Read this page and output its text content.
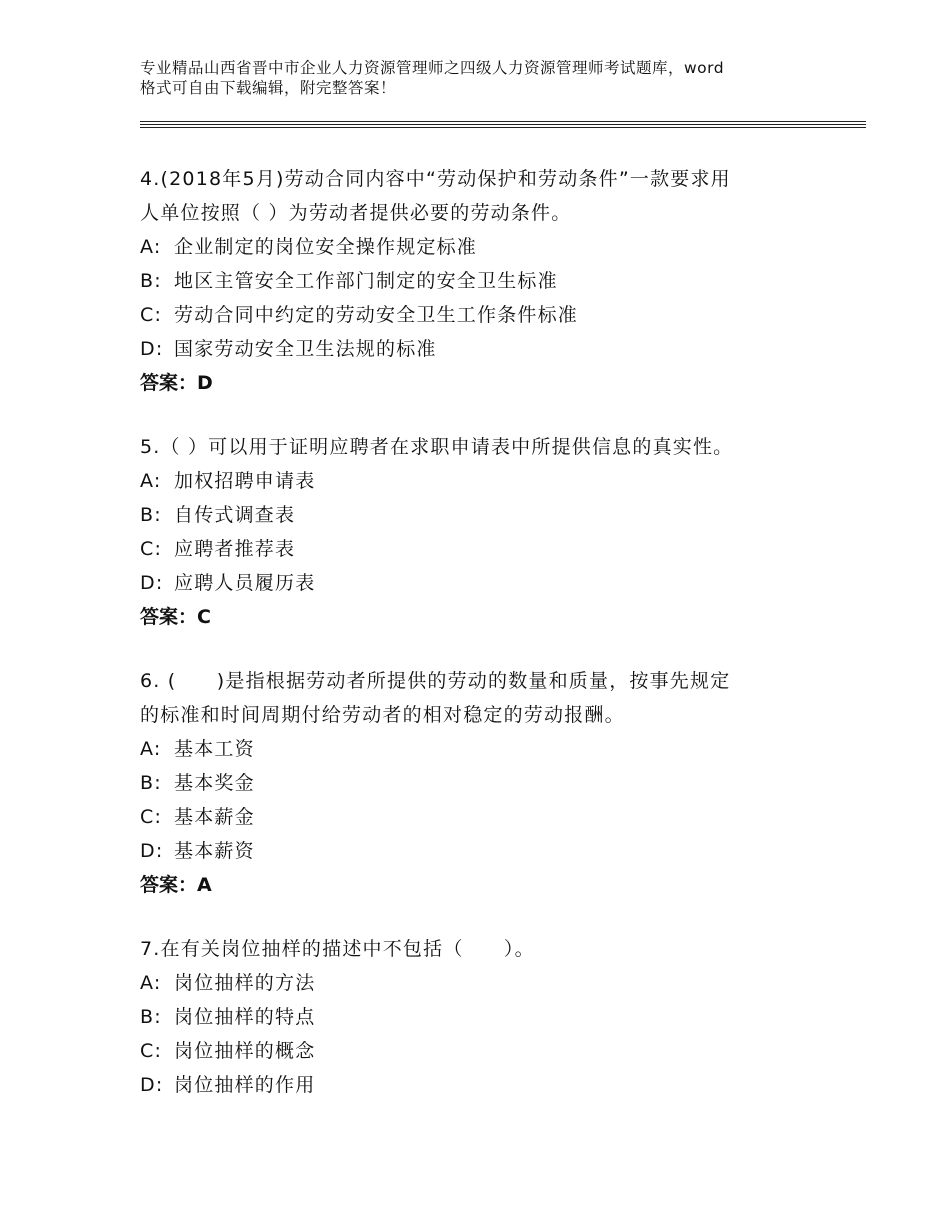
专业精品山西省晋中市企业人力资源管理师之四级人力资源管理师考试题库，word
格式可自由下载编辑，附完整答案！

4.(2018年5月)劳动合同内容中“劳动保护和劳动条件”一款要求用
人单位按照（ ）为劳动者提供必要的劳动条件。

A: 企业制定的岗位安全操作规定标准

B: 地区主管安全工作部门制定的安全卫生标准

C: 劳动合同中约定的劳动安全卫生工作条件标准

D: 国家劳动安全卫生法规的标准

答案：D

5.（ ）可以用于证明应聘者在求职申请表中所提供信息的真实性。

A: 加权招聘申请表

B: 自传式调查表

C: 应聘者推荐表

D: 应聘人员履历表

答案：C

6. (　　)是指根据劳动者所提供的劳动的数量和质量，按事先规定
的标准和时间周期付给劳动者的相对稳定的劳动报酬。

A: 基本工资

B: 基本奖金

C: 基本薪金

D: 基本薪资

答案：A

7.在有关岗位抽样的描述中不包括（　　）。

A: 岗位抽样的方法

B: 岗位抽样的特点

C: 岗位抽样的概念

D: 岗位抽样的作用
